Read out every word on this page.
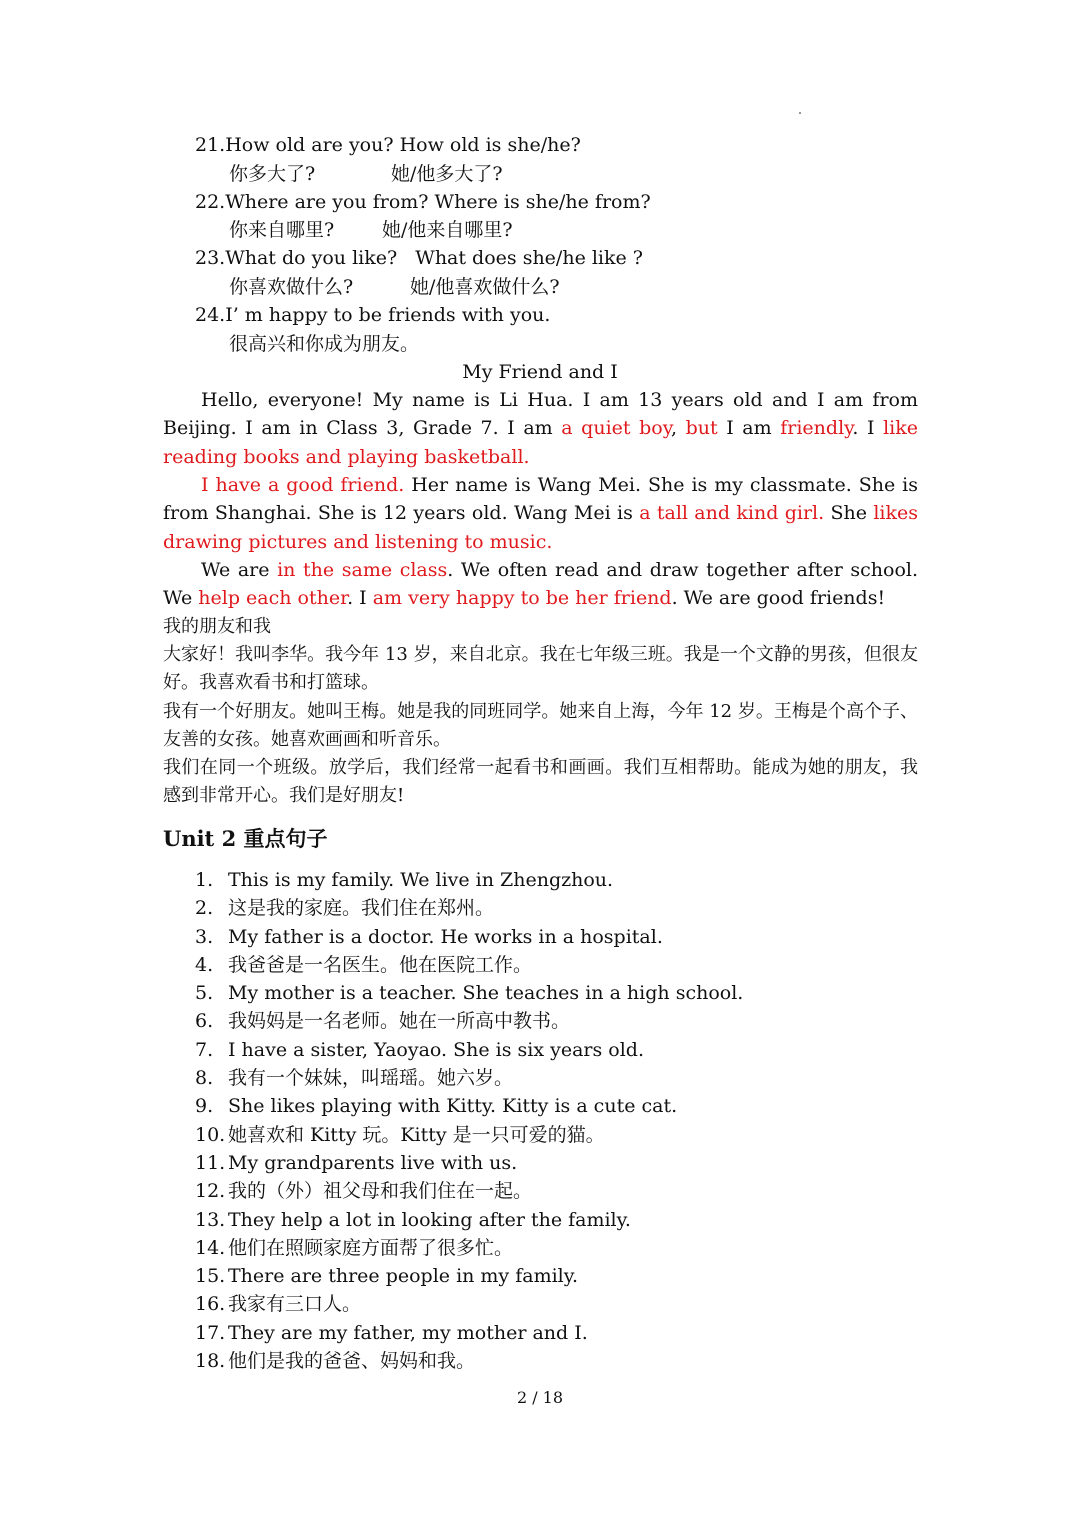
21.How old are you? How old is she/he?
你多大了?	她/他多大了?
22.Where are you from? Where is she/he from?
你来自哪里?	她/他来自哪里?
23.What do you like?   What does she/he like ?
你喜欢做什么?	她/他喜欢做什么?
24.I’ m happy to be friends with you.
很高兴和你成为朋友。
My Friend and I
Hello, everyone! My name is Li Hua. I am 13 years old and I am from Beijing. I am in Class 3, Grade 7. I am a quiet boy, but I am friendly. I like reading books and playing basketball.
I have a good friend. Her name is Wang Mei. She is my classmate. She is from Shanghai. She is 12 years old. Wang Mei is a tall and kind girl. She likes drawing pictures and listening to music.
We are in the same class. We often read and draw together after school. We help each other. I am very happy to be her friend. We are good friends!
我的朋友和我
大家好！我叫李华。我今年 13 岁，来自北京。我在七年级三班。我是一个文静的男孩，但很友好。我喜欢看书和打篮球。
我有一个好朋友。她叫王梅。她是我的同班同学。她来自上海，今年 12 岁。王梅是个高个子、友善的女孩。她喜欢画画和听音乐。
我们在同一个班级。放学后，我们经常一起看书和画画。我们互相帮助。能成为她的朋友，我感到非常开心。我们是好朋友!
Unit 2 重点句子
1. This is my family. We live in Zhengzhou.
2. 这是我的家庭。我们住在郑州。
3. My father is a doctor. He works in a hospital.
4. 我爸爸是一名医生。他在医院工作。
5. My mother is a teacher. She teaches in a high school.
6. 我妈妈是一名老师。她在一所高中教书。
7. I have a sister, Yaoyao. She is six years old.
8. 我有一个妹妹，叫瑶瑶。她六岁。
9. She likes playing with Kitty. Kitty is a cute cat.
10. 她喜欢和 Kitty 玩。Kitty 是一只可爱的猫。
11. My grandparents live with us.
12. 我的（外）祖父母和我们住在一起。
13. They help a lot in looking after the family.
14. 他们在照顾家庭方面帮了很多忙。
15. There are three people in my family.
16. 我家有三口人。
17. They are my father, my mother and I.
18. 他们是我的爸爸、妈妈和我。
2 / 18
